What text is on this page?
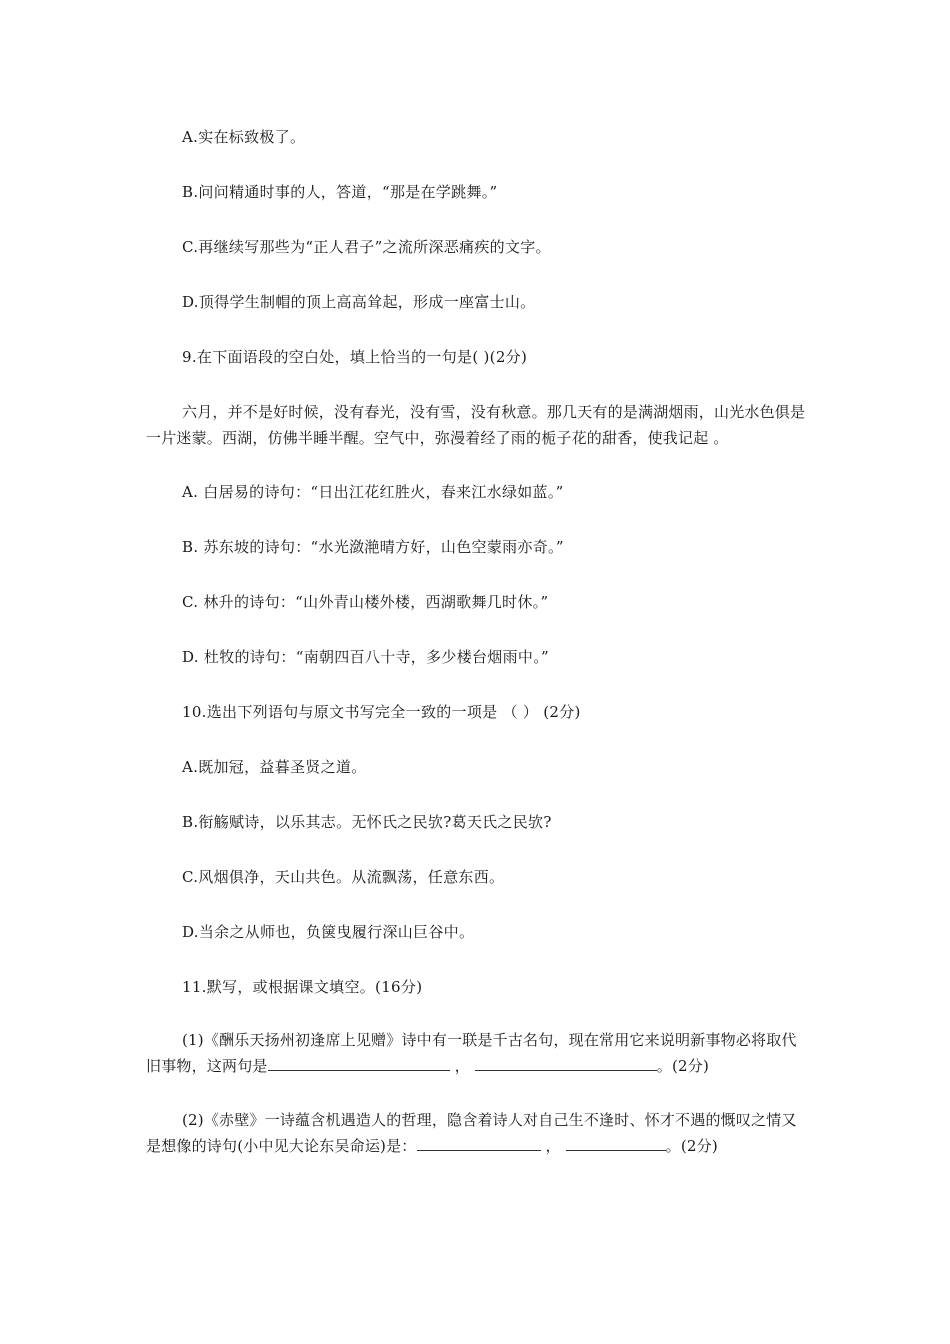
A.实在标致极了。
B.问问精通时事的人，答道，“那是在学跳舞。”
C.再继续写那些为“正人君子”之流所深恶痛疾的文字。
D.顶得学生制帽的顶上高高耸起，形成一座富士山。
9.在下面语段的空白处，填上恰当的一句是( )(2分)
六月，并不是好时候，没有春光，没有雪，没有秋意。那几天有的是满湖烟雨，山光水色俱是一片迷蒙。西湖，仿佛半睡半醒。空气中，弥漫着经了雨的栀子花的甜香，使我记起 。
A. 白居易的诗句：“日出江花红胜火，春来江水绿如蓝。”
B. 苏东坡的诗句：“水光潋滟晴方好，山色空蒙雨亦奇。”
C. 林升的诗句：“山外青山楼外楼，西湖歌舞几时休。”
D. 杜牧的诗句：“南朝四百八十寺，多少楼台烟雨中。”
10.选出下列语句与原文书写完全一致的一项是 （ ） (2分)
A.既加冠，益暮圣贤之道。
B.衔觞赋诗，以乐其志。无怀氏之民欤?葛天氏之民欤?
C.风烟俱净，天山共色。从流飘荡，任意东西。
D.当余之从师也，负箧曳履行深山巨谷中。
11.默写，或根据课文填空。(16分)
(1)《酬乐天扬州初逢席上见赠》诗中有一联是千古名句，现在常用它来说明新事物必将取代旧事物，这两句是	，	。(2分)
(2)《赤壁》一诗蕴含机遇造人的哲理，隐含着诗人对自己生不逢时、怀才不遇的慨叹之情又是想像的诗句(小中见大论东吴命运)是：	，	。(2分)
